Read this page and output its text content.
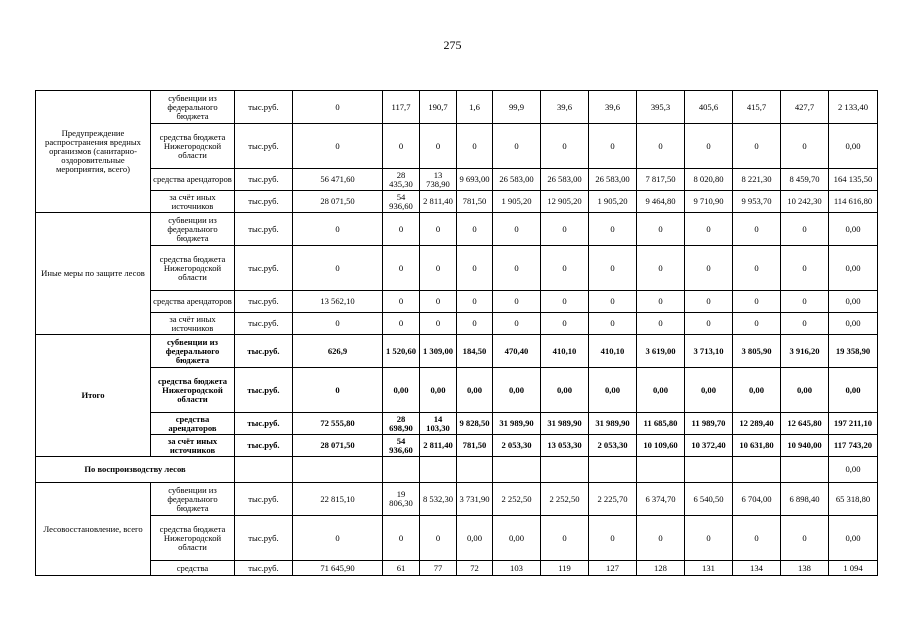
275
Предупреждение распространения вредных организмов (санитарно-оздоровительные мероприятия, всего)	субвенции из федерального бюджета	тыс.руб.	0	117,7	190,7	1,6	99,9	39,6	39,6	395,3	405,6	415,7	427,7	2 133,40
	средства бюджета Нижегородской области	тыс.руб.	0	0	0	0	0	0	0	0	0	0	0	0,00
	средства арендаторов	тыс.руб.	56 471,60	28 435,30	13 738,90	9 693,00	26 583,00	26 583,00	26 583,00	7 817,50	8 020,80	8 221,30	8 459,70	164 135,50
	за счёт иных источников	тыс.руб.	28 071,50	54 936,60	2 811,40	781,50	1 905,20	12 905,20	1 905,20	9 464,80	9 710,90	9 953,70	10 242,30	114 616,80
Иные меры по защите лесов	субвенции из федерального бюджета	тыс.руб.	0	0	0	0	0	0	0	0	0	0	0	0,00
	средства бюджета Нижегородской области	тыс.руб.	0	0	0	0	0	0	0	0	0	0	0	0,00
	средства арендаторов	тыс.руб.	13 562,10	0	0	0	0	0	0	0	0	0	0	0,00
	за счёт иных источников	тыс.руб.	0	0	0	0	0	0	0	0	0	0	0	0,00
Итого	субвенции из федерального бюджета	тыс.руб.	626,9	1 520,60	1 309,00	184,50	470,40	410,10	410,10	3 619,00	3 713,10	3 805,90	3 916,20	19 358,90
	средства бюджета Нижегородской области	тыс.руб.	0	0,00	0,00	0,00	0,00	0,00	0,00	0,00	0,00	0,00	0,00	0,00
	средства арендаторов	тыс.руб.	72 555,80	28 698,90	14 103,30	9 828,50	31 989,90	31 989,90	31 989,90	11 685,80	11 989,70	12 289,40	12 645,80	197 211,10
	за счёт иных источников	тыс.руб.	28 071,50	54 936,60	2 811,40	781,50	2 053,30	13 053,30	2 053,30	10 109,60	10 372,40	10 631,80	10 940,00	117 743,20
По воспроизводству лесов														0,00
Лесовосстановление, всего	субвенции из федерального бюджета	тыс.руб.	22 815,10	19 806,30	8 532,30	3 731,90	2 252,50	2 252,50	2 225,70	6 374,70	6 540,50	6 704,00	6 898,40	65 318,80
	средства бюджета Нижегородской области	тыс.руб.	0	0	0	0,00	0,00	0	0	0	0	0	0	0,00
	средства	тыс.руб.	71 645,90	61	77	72	103	119	127	128	131	134	138	1 094
